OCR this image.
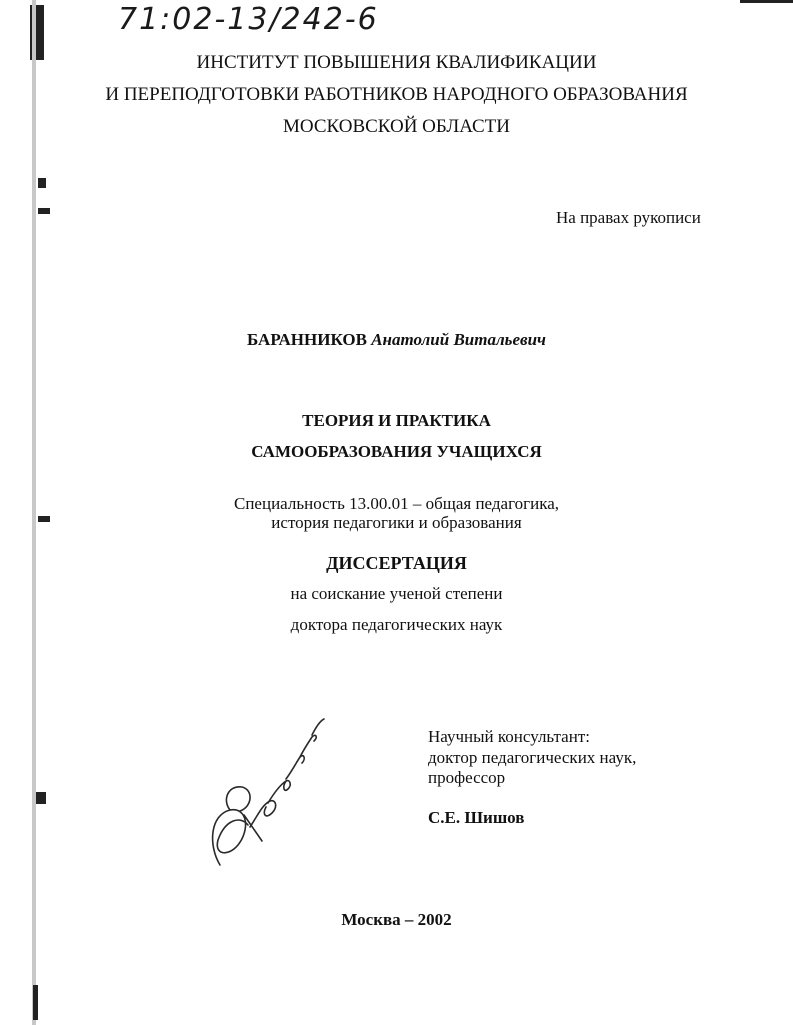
71:02-13/242-6
ИНСТИТУТ ПОВЫШЕНИЯ КВАЛИФИКАЦИИ
И ПЕРЕПОДГОТОВКИ РАБОТНИКОВ НАРОДНОГО ОБРАЗОВАНИЯ
МОСКОВСКОЙ ОБЛАСТИ
На правах рукописи
БАРАННИКОВ Анатолий Витальевич
ТЕОРИЯ И ПРАКТИКА
САМООБРАЗОВАНИЯ УЧАЩИХСЯ
Специальность 13.00.01 – общая педагогика,
история педагогики и образования
ДИССЕРТАЦИЯ
на соискание ученой степени
доктора педагогических наук
Научный консультант:
доктор педагогических наук,
профессор
С.Е. Шишов
Москва – 2002
